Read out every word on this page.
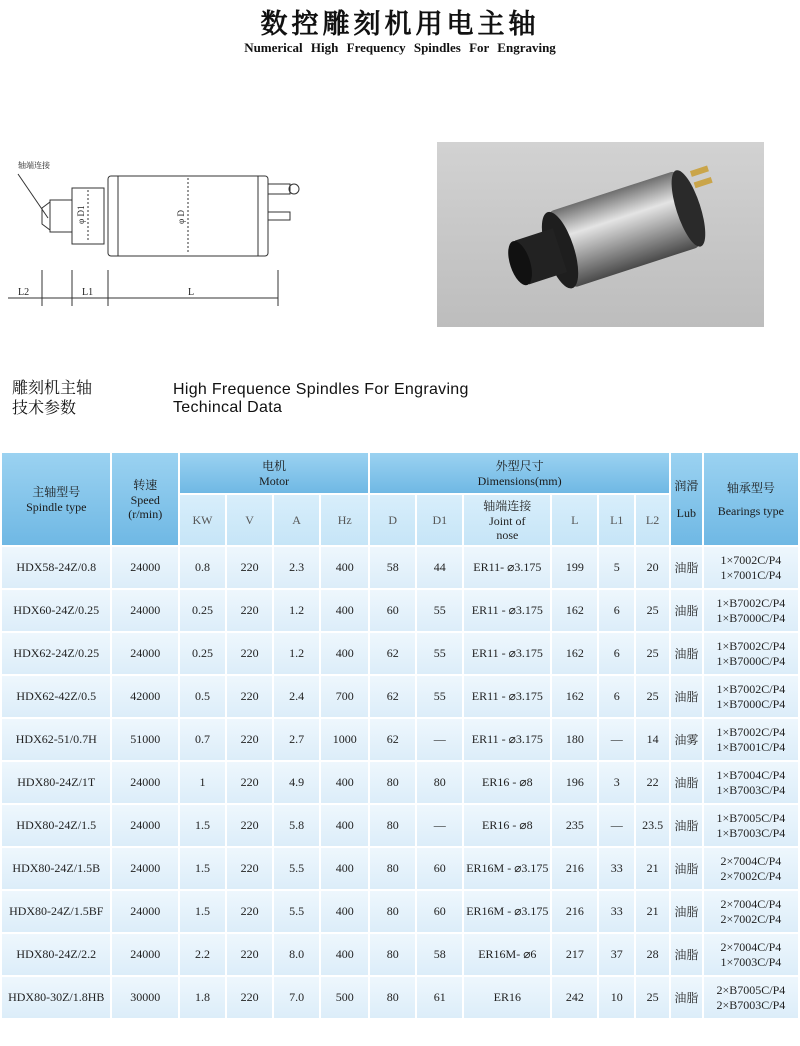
数控雕刻机用电主轴
Numerical High Frequency Spindles For Engraving
轴端连接
φ D1	φ D
L2	L1	L
雕刻机主轴
技术参数
High Frequence Spindles For Engraving
Techincal Data
主轴型号
Spindle type	转速
Speed
(r/min)	电机
Motor				外型尺寸
Dimensions(mm)						润滑
Lub	轴承型号
Bearings type

		KW	V	A	Hz	D	D1	轴端连接
Joint of
nose	L	L1	L2		
HDX58-24Z/0.8	24000	0.8	220	2.3	400	58	44	ER11- ⌀3.175	199	5	20	油脂	1×7002C/P4
1×7001C/P4

HDX60-24Z/0.25	24000	0.25	220	1.2	400	60	55	ER11 - ⌀3.175	162	6	25	油脂	1×B7002C/P4
1×B7000C/P4

HDX62-24Z/0.25	24000	0.25	220	1.2	400	62	55	ER11 - ⌀3.175	162	6	25	油脂	1×B7002C/P4
1×B7000C/P4

HDX62-42Z/0.5	42000	0.5	220	2.4	700	62	55	ER11 - ⌀3.175	162	6	25	油脂	1×B7002C/P4
1×B7000C/P4

HDX62-51/0.7H	51000	0.7	220	2.7	1000	62	—	ER11 - ⌀3.175	180	—	14	油雾	1×B7002C/P4
1×B7001C/P4

HDX80-24Z/1T	24000	1	220	4.9	400	80	80	ER16 - ⌀8	196	3	22	油脂	1×B7004C/P4
1×B7003C/P4

HDX80-24Z/1.5	24000	1.5	220	5.8	400	80	—	ER16 - ⌀8	235	—	23.5	油脂	1×B7005C/P4
1×B7003C/P4

HDX80-24Z/1.5B	24000	1.5	220	5.5	400	80	60	ER16M - ⌀3.175	216	33	21	油脂	2×7004C/P4
2×7002C/P4

HDX80-24Z/1.5BF	24000	1.5	220	5.5	400	80	60	ER16M - ⌀3.175	216	33	21	油脂	2×7004C/P4
2×7002C/P4

HDX80-24Z/2.2	24000	2.2	220	8.0	400	80	58	ER16M- ⌀6	217	37	28	油脂	2×7004C/P4
1×7003C/P4

HDX80-30Z/1.8HB	30000	1.8	220	7.0	500	80	61	ER16	242	10	25	油脂	2×B7005C/P4
2×B7003C/P4
